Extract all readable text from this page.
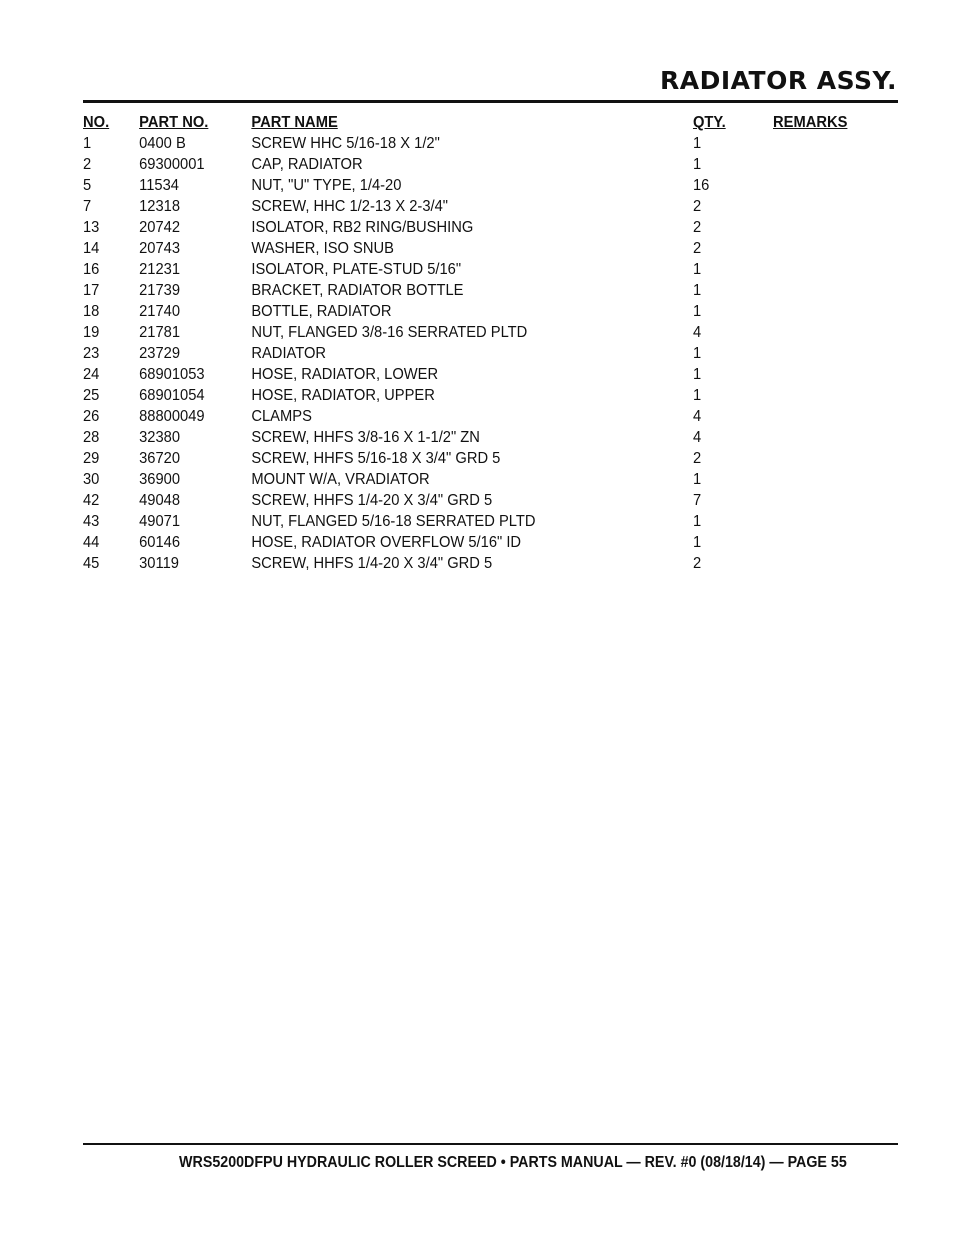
RADIATOR ASSY.
NO.	PART NO.	PART NAME	QTY.	REMARKS
1	0400 B	SCREW HHC 5/16-18 X 1/2"	1	
2	69300001	CAP, RADIATOR	1	
5	11534	NUT, "U" TYPE, 1/4-20	16	
7	12318	SCREW, HHC 1/2-13 X 2-3/4"	2	
13	20742	ISOLATOR, RB2 RING/BUSHING	2	
14	20743	WASHER, ISO SNUB	2	
16	21231	ISOLATOR, PLATE-STUD 5/16"	1	
17	21739	BRACKET, RADIATOR BOTTLE	1	
18	21740	BOTTLE, RADIATOR	1	
19	21781	NUT, FLANGED 3/8-16 SERRATED PLTD	4	
23	23729	RADIATOR	1	
24	68901053	HOSE, RADIATOR, LOWER	1	
25	68901054	HOSE, RADIATOR, UPPER	1	
26	88800049	CLAMPS	4	
28	32380	SCREW, HHFS 3/8-16 X 1-1/2" ZN	4	
29	36720	SCREW, HHFS 5/16-18 X 3/4" GRD 5	2	
30	36900	MOUNT W/A, VRADIATOR	1	
42	49048	SCREW, HHFS 1/4-20 X 3/4" GRD 5	7	
43	49071	NUT, FLANGED 5/16-18 SERRATED PLTD	1	
44	60146	HOSE, RADIATOR OVERFLOW 5/16" ID	1	
45	30119	SCREW, HHFS 1/4-20 X 3/4" GRD 5	2	

WRS5200DFPU HYDRAULIC ROLLER SCREED • PARTS MANUAL — REV. #0 (08/18/14) — PAGE 55
